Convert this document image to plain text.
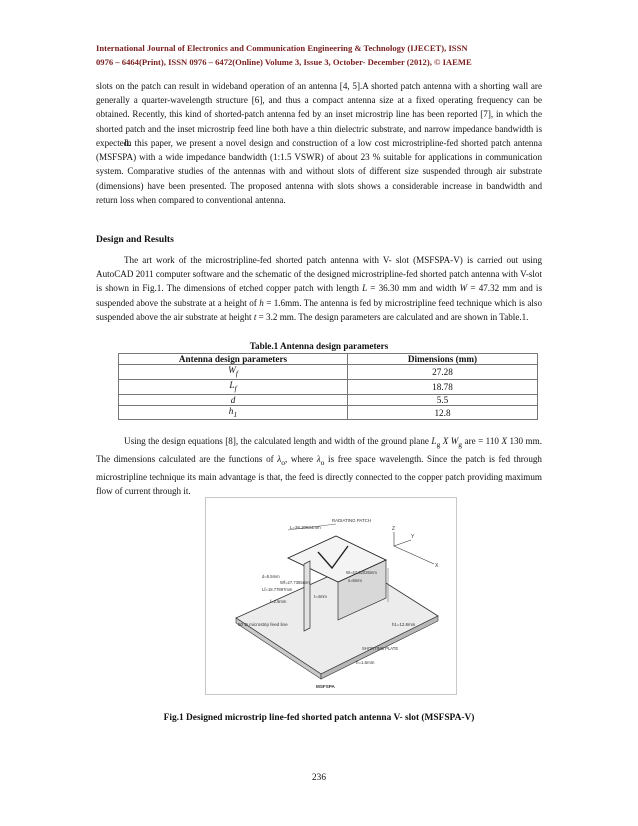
International Journal of Electronics and Communication Engineering & Technology (IJECET), ISSN
0976 – 6464(Print), ISSN 0976 – 6472(Online) Volume 3, Issue 3, October- December (2012), © IAEME

slots on the patch can result in wideband operation of an antenna [4, 5].A shorted patch antenna with a shorting wall are generally a quarter-wavelength structure [6], and thus a compact antenna size at a fixed operating frequency can be obtained. Recently, this kind of shorted-patch antenna fed by an inset microstrip line has been reported [7], in which the shorted patch and the inset microstrip feed line both have a thin dielectric substrate, and narrow impedance bandwidth is expected.

In this paper, we present a novel design and construction of a low cost microstripline-fed shorted patch antenna (MSFSPA) with a wide impedance bandwidth (1:1.5 VSWR) of about 23 % suitable for applications in communication system. Comparative studies of the antennas with and without slots of different size suspended through air substrate (dimensions) have been presented. The proposed antenna with slots shows a considerable increase in bandwidth and return loss when compared to conventional antenna.

Design and Results

The art work of the microstripline-fed shorted patch antenna with V- slot (MSFSPA-V) is carried out using AutoCAD 2011 computer software and the schematic of the designed microstripline-fed shorted patch antenna with V-slot is shown in Fig.1. The dimensions of etched copper patch with length L = 36.30 mm and width W = 47.32 mm and is suspended above the substrate at a height of h = 1.6mm. The antenna is fed by microstripline feed technique which is also suspended above the air substrate at height t = 3.2 mm. The design parameters are calculated and are shown in Table.1.

Table.1 Antenna design parameters

Antenna design parameters	Dimensions (mm)
$W_f$	27.28
$L_f$	18.78
d	5.5
$h_1$	12.8

Using the design equations [8], the calculated length and width of the ground plane $L_g$ X $W_g$ are = 110 X 130 mm. The dimensions calculated are the functions of $\lambda_o$, where $\lambda_o$ is free space wavelength. Since the patch is fed through microstripline technique its main advantage is that, the feed is directly connected to the copper patch providing maximum flow of current through it.

RADIATING PATCH
L=36.30534mm	Z
Y
X
W=47.32026mm
d=5.5mm
Wf=27.7355mm
Lf=18.77897mm
s=6mm
f=2.5mm
t=4mm
50 Ω microstrip feed line	h1=12.8mm
SHORTING PLATE
h=1.6mm
MSFSPA

Fig.1 Designed microstrip line-fed shorted patch antenna V- slot (MSFSPA-V)

236
